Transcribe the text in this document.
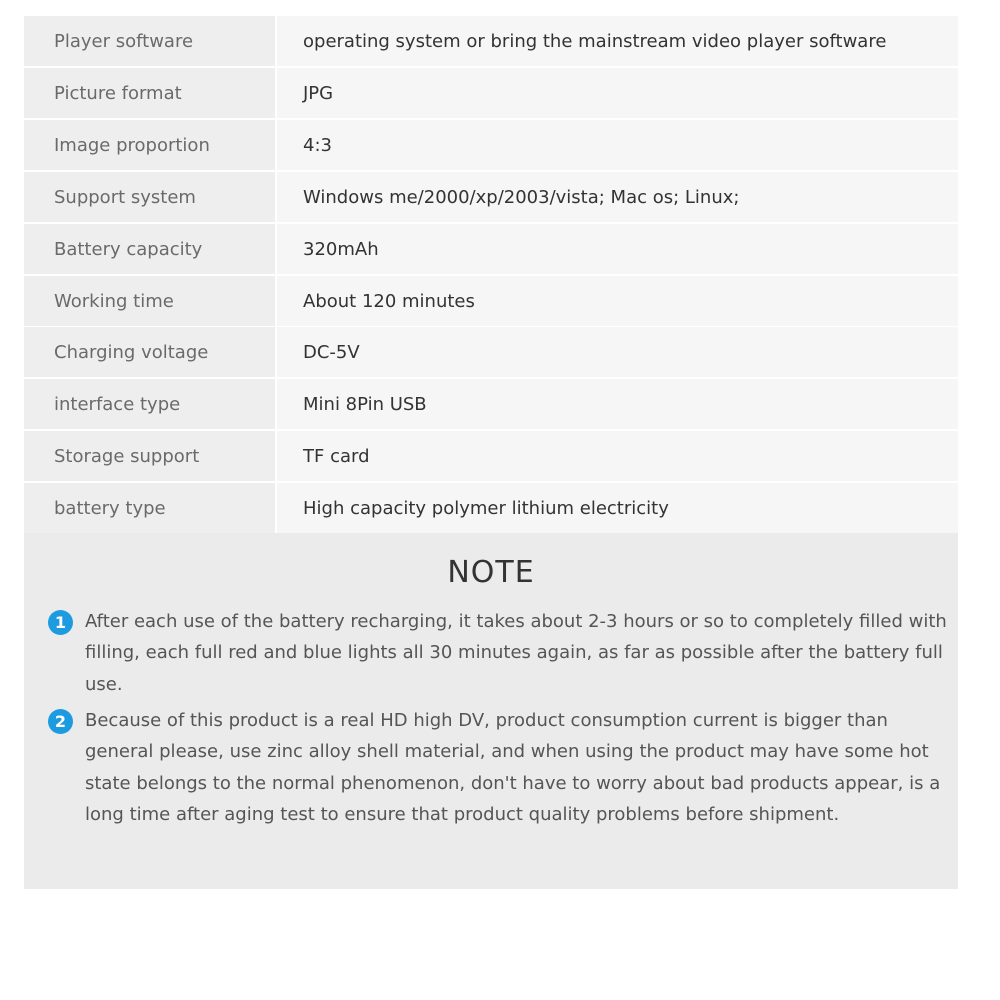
Player software	operating system or bring the mainstream video player software
Picture format	JPG
Image proportion	4:3
Support system	Windows me/2000/xp/2003/vista; Mac os; Linux;
Battery capacity	320mAh
Working time	About 120 minutes
Charging voltage	DC-5V
interface type	Mini 8Pin USB
Storage support	TF card
battery type	High capacity polymer lithium electricity
NOTE
1	After each use of the battery recharging, it takes about 2-3 hours or so to completely filled with filling, each full red and blue lights all 30 minutes again, as far as possible after the battery full use.
2	Because of this product is a real HD high DV, product consumption current is bigger than general please, use zinc alloy shell material, and when using the product may have some hot state belongs to the normal phenomenon, don't have to worry about bad products appear, is a long time after aging test to ensure that product quality problems before shipment.
